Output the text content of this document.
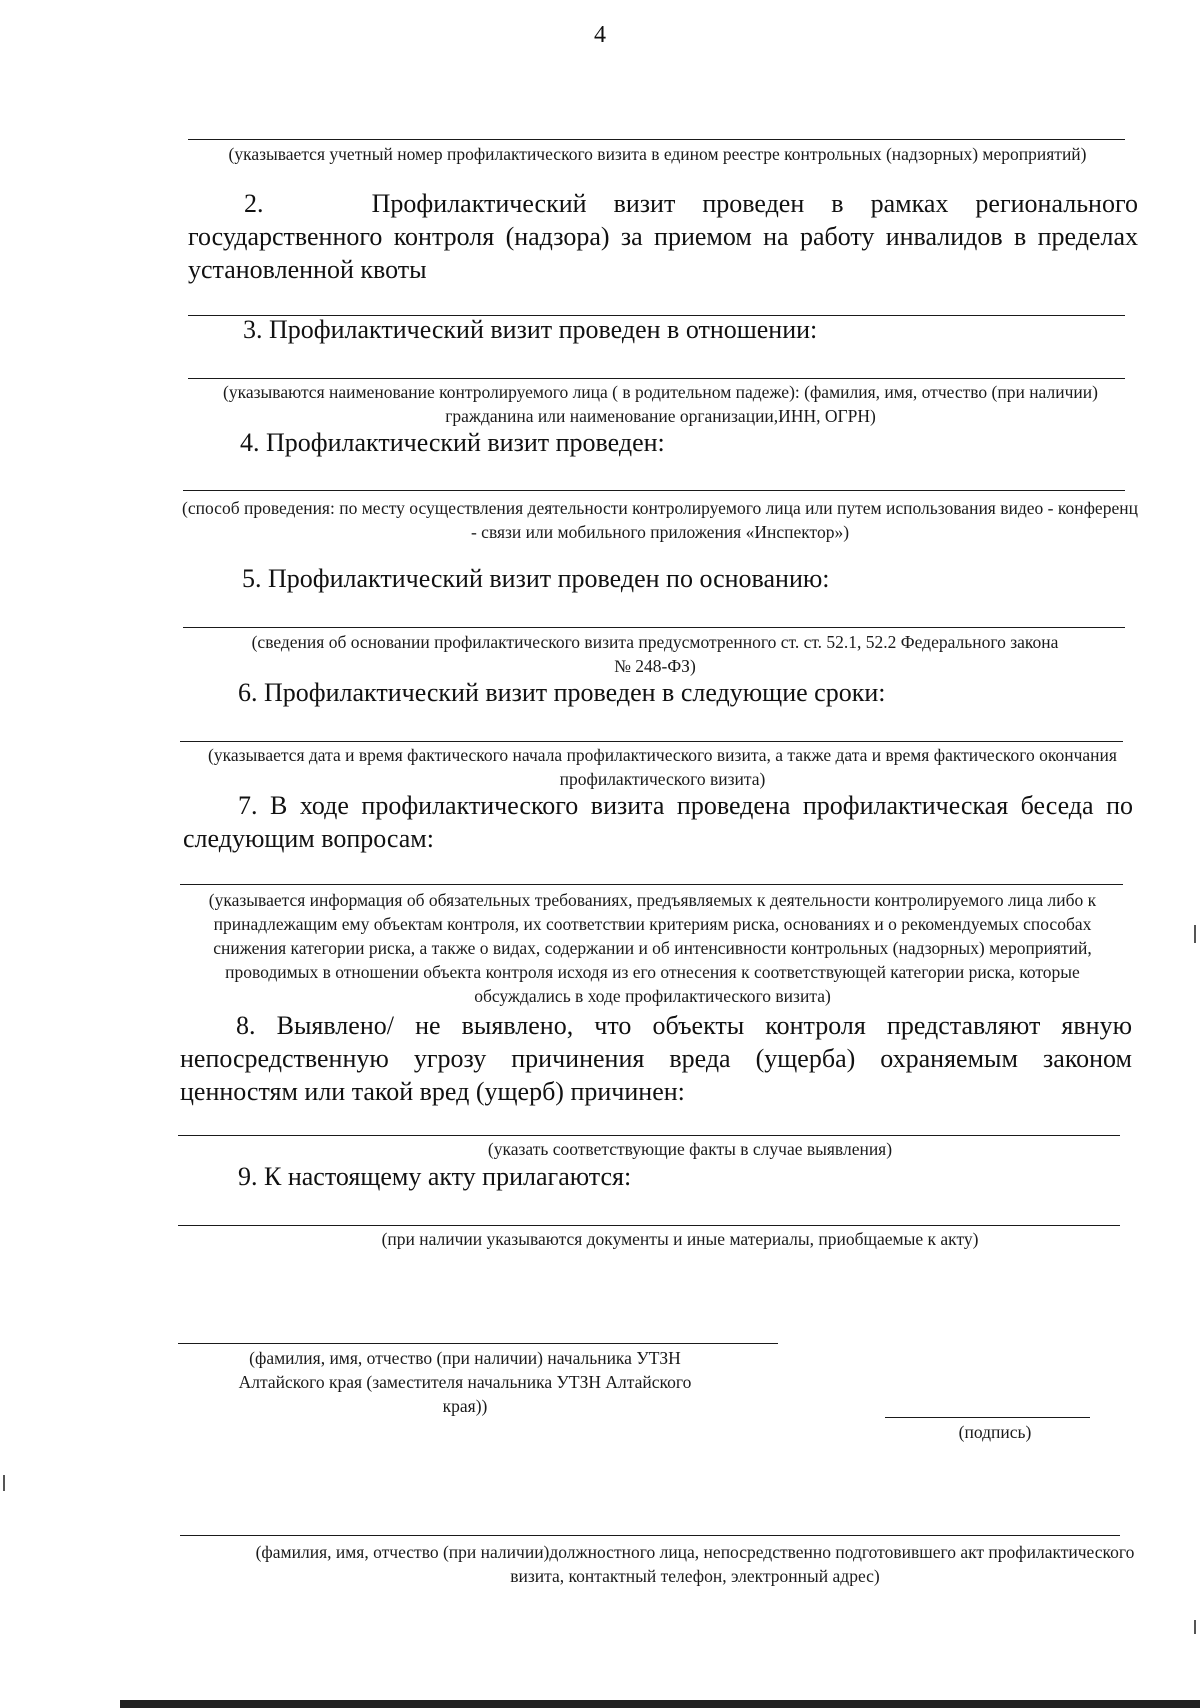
4
(указывается учетный номер профилактического визита в едином реестре контрольных (надзорных) мероприятий)
2.    Профилактический визит проведен в рамках регионального государственного контроля (надзора) за приемом на работу инвалидов в пределах установленной квоты
3. Профилактический визит проведен в отношении:
(указываются наименование контролируемого лица ( в родительном падеже): (фамилия, имя, отчество (при наличии) гражданина или наименование организации,ИНН, ОГРН)
4. Профилактический визит проведен:
(способ проведения: по месту осуществления деятельности контролируемого лица или путем использования видео - конференц - связи или мобильного приложения «Инспектор»)
5. Профилактический визит проведен по основанию:
(сведения об основании профилактического визита предусмотренного ст. ст. 52.1, 52.2 Федерального закона № 248-ФЗ)
6. Профилактический визит проведен в следующие сроки:
(указывается дата и время фактического начала профилактического визита, а также дата и время фактического окончания профилактического визита)
7. В ходе профилактического визита проведена профилактическая беседа по следующим вопросам:
(указывается информация об обязательных требованиях, предъявляемых к деятельности контролируемого лица либо к принадлежащим ему объектам контроля, их соответствии критериям риска, основаниях и о рекомендуемых способах снижения категории риска, а также о видах, содержании и об интенсивности контрольных (надзорных) мероприятий, проводимых в отношении объекта контроля исходя из его отнесения к соответствующей категории риска, которые обсуждались в ходе профилактического визита)
8. Выявлено/ не выявлено, что объекты контроля представляют явную непосредственную угрозу причинения вреда (ущерба) охраняемым законом ценностям или такой вред (ущерб) причинен:
(указать соответствующие факты в случае выявления)
9. К настоящему акту прилагаются:
(при наличии указываются документы и иные материалы, приобщаемые к акту)
(фамилия, имя, отчество (при наличии) начальника УТЗН Алтайского края (заместителя начальника УТЗН Алтайского края))
(подпись)
(фамилия, имя, отчество (при наличии)должностного лица, непосредственно подготовившего акт профилактического визита, контактный телефон, электронный адрес)
